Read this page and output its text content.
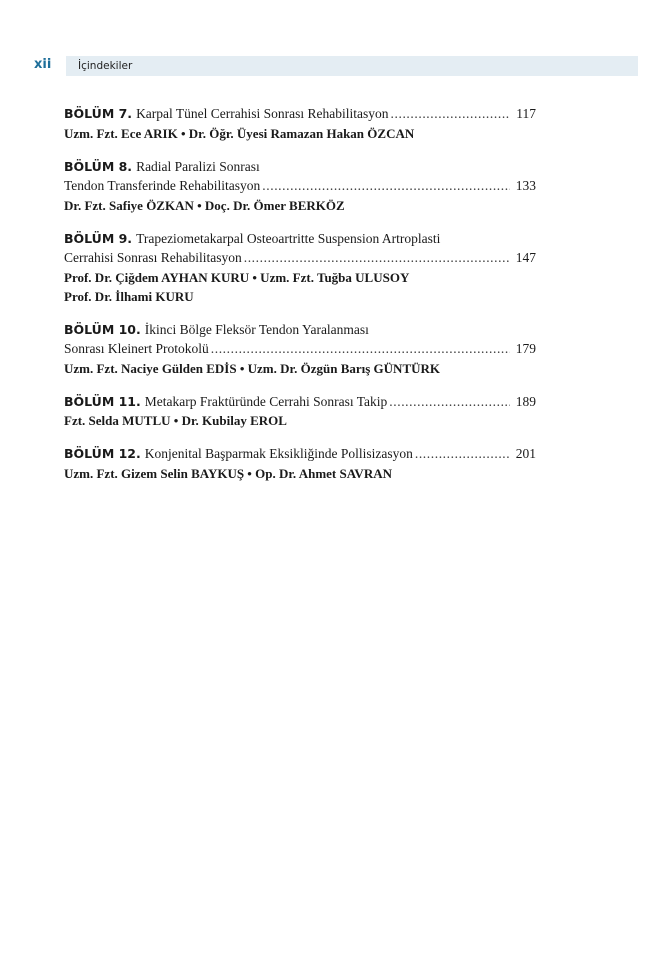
xii	İçindekiler
BÖLÜM 7. Karpal Tünel Cerrahisi Sonrası Rehabilitasyon .....	117
Uzm. Fzt. Ece ARIK • Dr. Öğr. Üyesi Ramazan Hakan ÖZCAN
BÖLÜM 8. Radial Paralizi Sonrası
Tendon Transferinde Rehabilitasyon .....	133
Dr. Fzt. Safiye ÖZKAN • Doç. Dr. Ömer BERKÖZ
BÖLÜM 9. Trapeziometakarpal Osteoartritte Suspension Artroplasti
Cerrahisi Sonrası Rehabilitasyon .....	147
Prof. Dr. Çiğdem AYHAN KURU • Uzm. Fzt. Tuğba ULUSOY
Prof. Dr. İlhami KURU
BÖLÜM 10. İkinci Bölge Fleksör Tendon Yaralanması
Sonrası Kleinert Protokolü .....	179
Uzm. Fzt. Naciye Gülden EDİS • Uzm. Dr. Özgün Barış GÜNTÜRK
BÖLÜM 11. Metakarp Fraktüründe Cerrahi Sonrası Takip .....	189
Fzt. Selda MUTLU • Dr. Kubilay EROL
BÖLÜM 12. Konjenital Başparmak Eksikliğinde Pollisizasyon .....	201
Uzm. Fzt. Gizem Selin BAYKUŞ • Op. Dr. Ahmet SAVRAN
